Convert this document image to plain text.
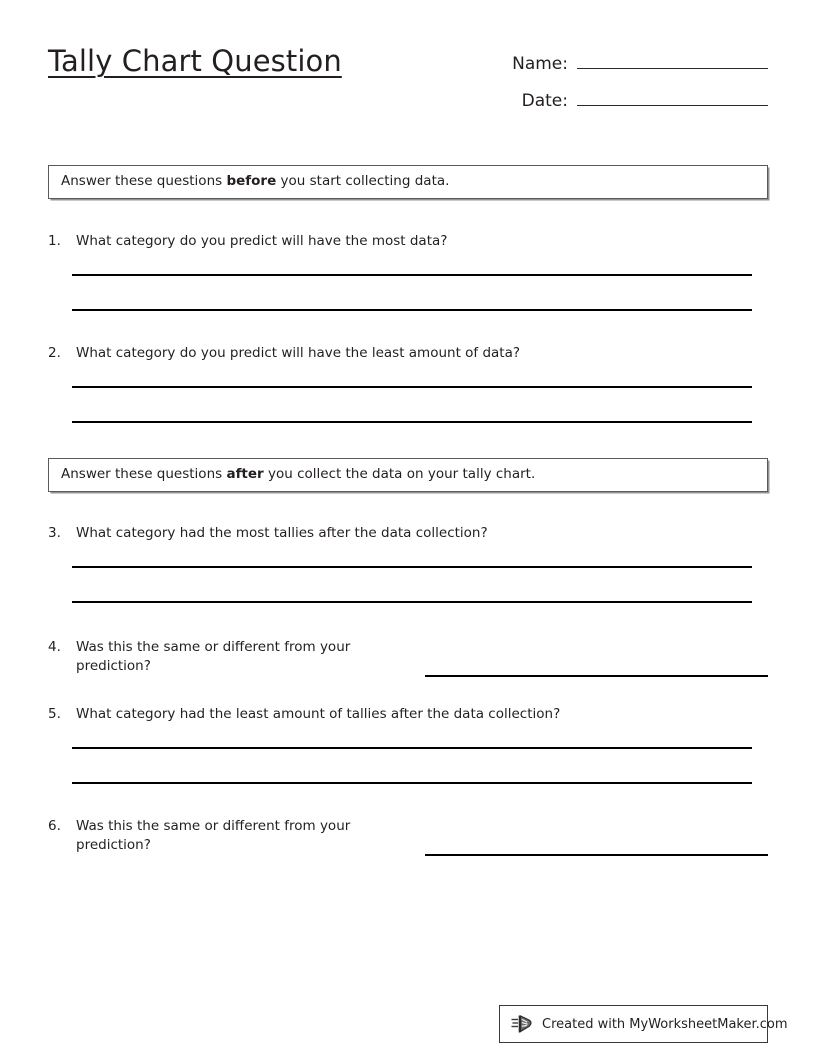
Tally Chart Question	Name:
Date:
Answer these questions before you start collecting data.
1.	What category do you predict will have the most data?
2.	What category do you predict will have the least amount of data?
Answer these questions after you collect the data on your tally chart.
3.	What category had the most tallies after the data collection?
4.	Was this the same or different from your prediction?
5.	What category had the least amount of tallies after the data collection?
6.	Was this the same or different from your prediction?
Created with MyWorksheetMaker.com
